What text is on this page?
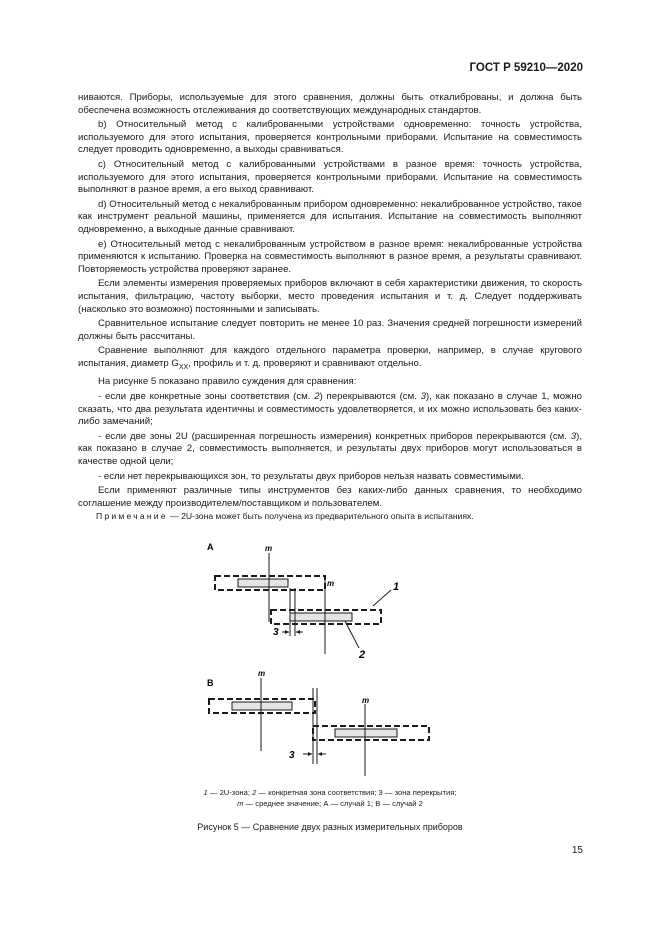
ГОСТ Р 59210—2020

ниваются. Приборы, используемые для этого сравнения, должны быть откалиброваны, и должна быть обеспечена возможность отслеживания до соответствующих международных стандартов.

b) Относительный метод с калиброванными устройствами одновременно: точность устройства, используемого для этого испытания, проверяется контрольными приборами. Испытание на совместимость следует проводить одновременно, а выходы сравниваться.

c) Относительный метод с калиброванными устройствами в разное время: точность устройства, используемого для этого испытания, проверяется контрольными приборами. Испытание на совместимость выполняют в разное время, а его выход сравнивают.

d) Относительный метод с некалиброванным прибором одновременно: некалиброванное устройство, такое как инструмент реальной машины, применяется для испытания. Испытание на совместимость выполняют одновременно, а выходные данные сравнивают.

e) Относительный метод с некалиброванным устройством в разное время: некалиброванные устройства применяются к испытанию. Проверка на совместимость выполняют в разное время, а результаты сравнивают. Повторяемость устройства проверяют заранее.

Если элементы измерения проверяемых приборов включают в себя характеристики движения, то скорость испытания, фильтрацию, частоту выборки, место проведения испытания и т. д. Следует поддерживать (насколько это возможно) постоянными и записывать.

Сравнительное испытание следует повторить не менее 10 раз. Значения средней погрешности измерений должны быть рассчитаны.

Сравнение выполняют для каждого отдельного параметра проверки, например, в случае кругового испытания, диаметр $G_{XX}$, профиль и т. д. проверяют и сравнивают отдельно.

На рисунке 5 показано правило суждения для сравнения:

- если две конкретные зоны соответствия (см. 2) перекрываются (см. 3), как показано в случае 1, можно сказать, что два результата идентичны и совместимость удовлетворяется, и их можно использовать без каких-либо замечаний;

- если две зоны 2U (расширенная погрешность измерения) конкретных приборов перекрываются (см. 3), как показано в случае 2, совместимость выполняется, и результаты двух приборов могут использоваться в качестве одной цели;

- если нет перекрывающихся зон, то результаты двух приборов нельзя назвать совместимыми.

Если применяют различные типы инструментов без каких-либо данных сравнения, то необходимо соглашение между производителем/поставщиком и пользователем.

Примечание — 2U-зона может быть получена из предварительного опыта в испытаниях.
A	m
m
3
1
2
B
m
m
3
1 — 2U-зона; 2 — конкретная зона соответствия; 3 — зона перекрытия;
m — среднее значение; А — случай 1; В — случай 2
Рисунок 5 — Сравнение двух разных измерительных приборов
15
